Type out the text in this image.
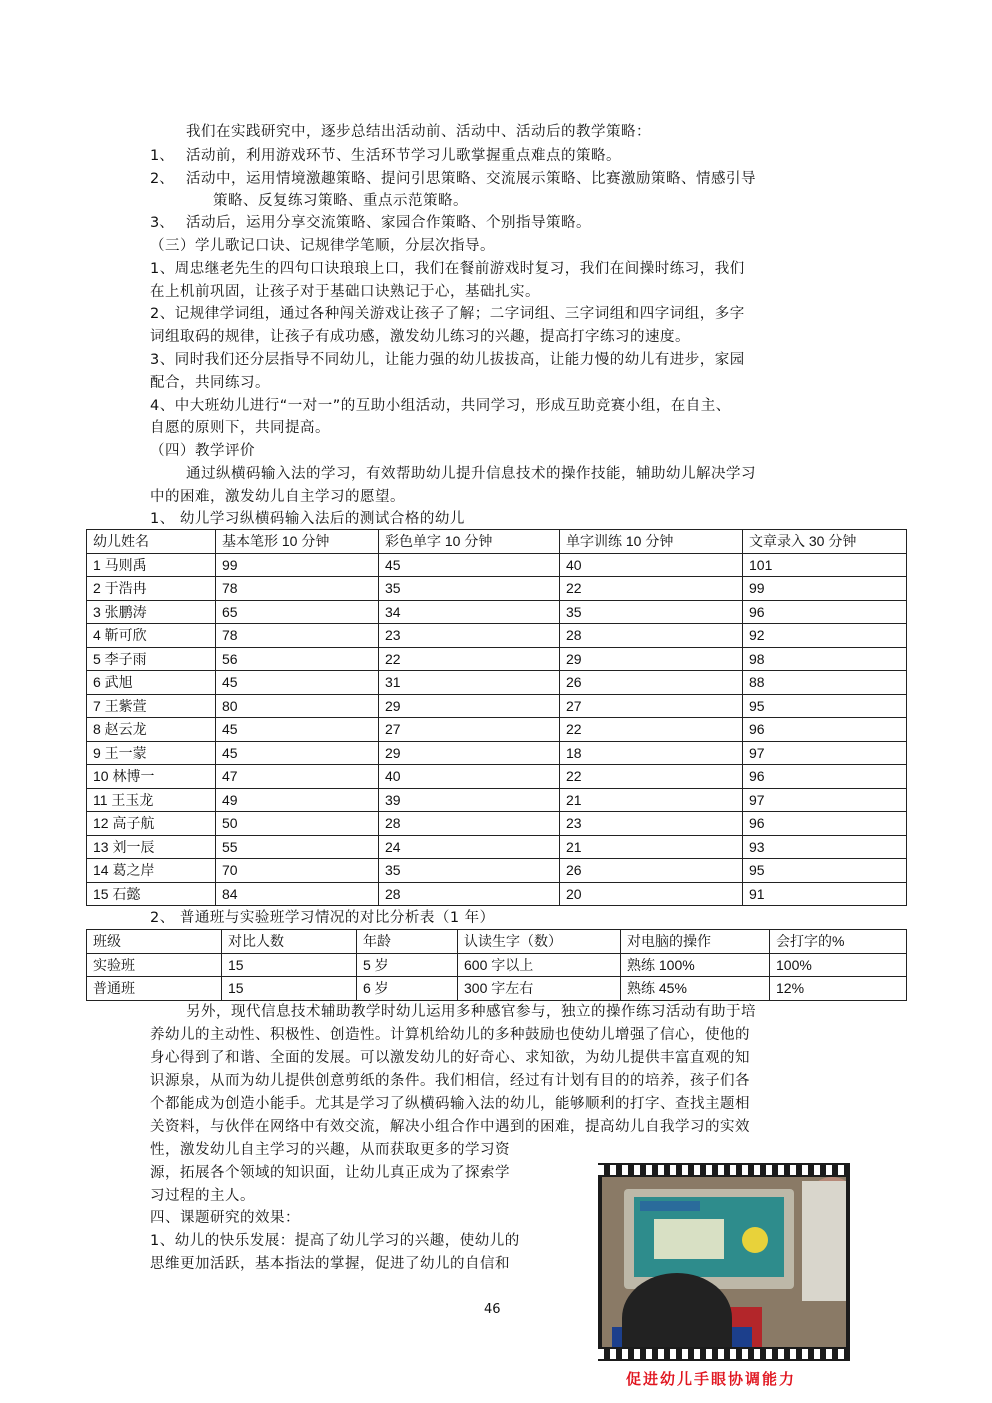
我们在实践研究中，逐步总结出活动前、活动中、活动后的教学策略：
1、 活动前，利用游戏环节、生活环节学习儿歌掌握重点难点的策略。
2、 活动中，运用情境激趣策略、提问引思策略、交流展示策略、比赛激励策略、情感引导
策略、反复练习策略、重点示范策略。
3、 活动后，运用分享交流策略、家园合作策略、个别指导策略。
（三）学儿歌记口诀、记规律学笔顺，分层次指导。
1、周忠继老先生的四句口诀琅琅上口，我们在餐前游戏时复习，我们在间操时练习，我们
在上机前巩固，让孩子对于基础口诀熟记于心，基础扎实。
2、记规律学词组，通过各种闯关游戏让孩子了解；二字词组、三字词组和四字词组，多字
词组取码的规律，让孩子有成功感，激发幼儿练习的兴趣，提高打字练习的速度。
3、同时我们还分层指导不同幼儿，让能力强的幼儿拔拔高，让能力慢的幼儿有进步，家园
配合，共同练习。
4、中大班幼儿进行“一对一”的互助小组活动，共同学习，形成互助竞赛小组，在自主、
自愿的原则下，共同提高。
（四）教学评价
通过纵横码输入法的学习，有效帮助幼儿提升信息技术的操作技能，辅助幼儿解决学习
中的困难，激发幼儿自主学习的愿望。
1、 幼儿学习纵横码输入法后的测试合格的幼儿
幼儿姓名	基本笔形 10 分钟	彩色单字 10 分钟	单字训练 10 分钟	文章录入 30 分钟
1 马则禹	99	45	40	101
2 于浩冉	78	35	22	99
3 张鹏涛	65	34	35	96
4 靳可欣	78	23	28	92
5 李子雨	56	22	29	98
6 武旭	45	31	26	88
7 王紫萱	80	29	27	95
8 赵云龙	45	27	22	96
9 王一蒙	45	29	18	97
10 林博一	47	40	22	96
11 王玉龙	49	39	21	97
12 高子航	50	28	23	96
13 刘一辰	55	24	21	93
14 葛之岸	70	35	26	95
15 石懿	84	28	20	91
2、 普通班与实验班学习情况的对比分析表（1 年）
班级	对比人数	年龄	认读生字（数）	对电脑的操作	会打字的%
实验班	15	5 岁	600 字以上	熟练 100%	100%
普通班	15	6 岁	300 字左右	熟练 45%	12%
另外，现代信息技术辅助教学时幼儿运用多种感官参与，独立的操作练习活动有助于培
养幼儿的主动性、积极性、创造性。计算机给幼儿的多种鼓励也使幼儿增强了信心，使他的
身心得到了和谐、全面的发展。可以激发幼儿的好奇心、求知欲，为幼儿提供丰富直观的知
识源泉，从而为幼儿提供创意剪纸的条件。我们相信，经过有计划有目的的培养，孩子们各
个都能成为创造小能手。尤其是学习了纵横码输入法的幼儿，能够顺利的打字、查找主题相
关资料，与伙伴在网络中有效交流，解决小组合作中遇到的困难，提高幼儿自我学习的实效
性，激发幼儿自主学习的兴趣，从而获取更多的学习资
源，拓展各个领域的知识面，让幼儿真正成为了探索学
习过程的主人。
四、课题研究的效果：
1、幼儿的快乐发展：提高了幼儿学习的兴趣，使幼儿的
思维更加活跃，基本指法的掌握，促进了幼儿的自信和
促进幼儿手眼协调能力
46
